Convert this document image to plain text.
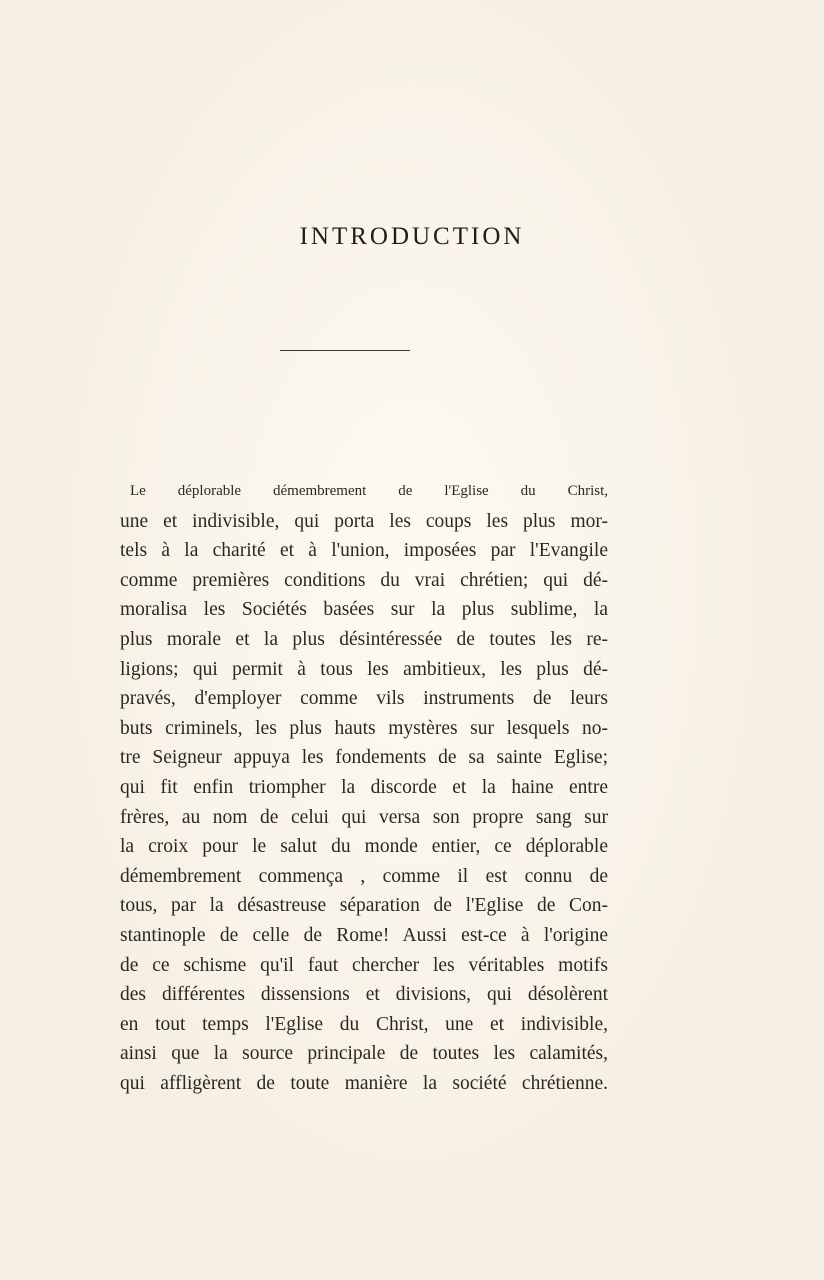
INTRODUCTION
Le déplorable démembrement de l'Eglise du Christ,
une et indivisible, qui porta les coups les plus mor-
tels à la charité et à l'union, imposées par l'Evangile
comme premières conditions du vrai chrétien; qui dé-
moralisa les Sociétés basées sur la plus sublime, la
plus morale et la plus désintéressée de toutes les re-
ligions; qui permit à tous les ambitieux, les plus dé-
pravés, d'employer comme vils instruments de leurs
buts criminels, les plus hauts mystères sur lesquels no-
tre Seigneur appuya les fondements de sa sainte Eglise;
qui fit enfin triompher la discorde et la haine entre
frères, au nom de celui qui versa son propre sang sur
la croix pour le salut du monde entier, ce déplorable
démembrement commença , comme il est connu de
tous, par la désastreuse séparation de l'Eglise de Con-
stantinople de celle de Rome! Aussi est-ce à l'origine
de ce schisme qu'il faut chercher les véritables motifs
des différentes dissensions et divisions, qui désolèrent
en tout temps l'Eglise du Christ, une et indivisible,
ainsi que la source principale de toutes les calamités,
qui affligèrent de toute manière la société chrétienne.
